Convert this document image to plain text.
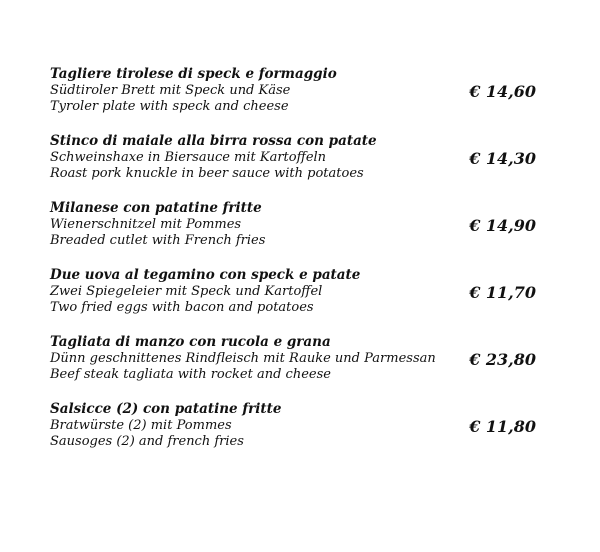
Tagliere tirolese di speck e formaggio
Südtiroler Brett mit Speck und Käse
Tyroler plate with speck and cheese
€ 14,60
Stinco di maiale alla birra rossa con patate
Schweinshaxe in Biersauce mit Kartoffeln
Roast pork knuckle in beer sauce with potatoes
€ 14,30
Milanese con patatine fritte
Wienerschnitzel mit Pommes
Breaded cutlet with French fries
€ 14,90
Due uova al tegamino con speck e patate
Zwei Spiegeleier mit Speck und Kartoffel
Two fried eggs with bacon and potatoes
€ 11,70
Tagliata di manzo con rucola e grana
Dünn geschnittenes Rindfleisch mit Rauke und Parmessan
Beef steak tagliata with rocket and cheese
€ 23,80
Salsicce (2) con patatine fritte
Bratwürste (2) mit Pommes
Sausoges (2) and french fries
€ 11,80
